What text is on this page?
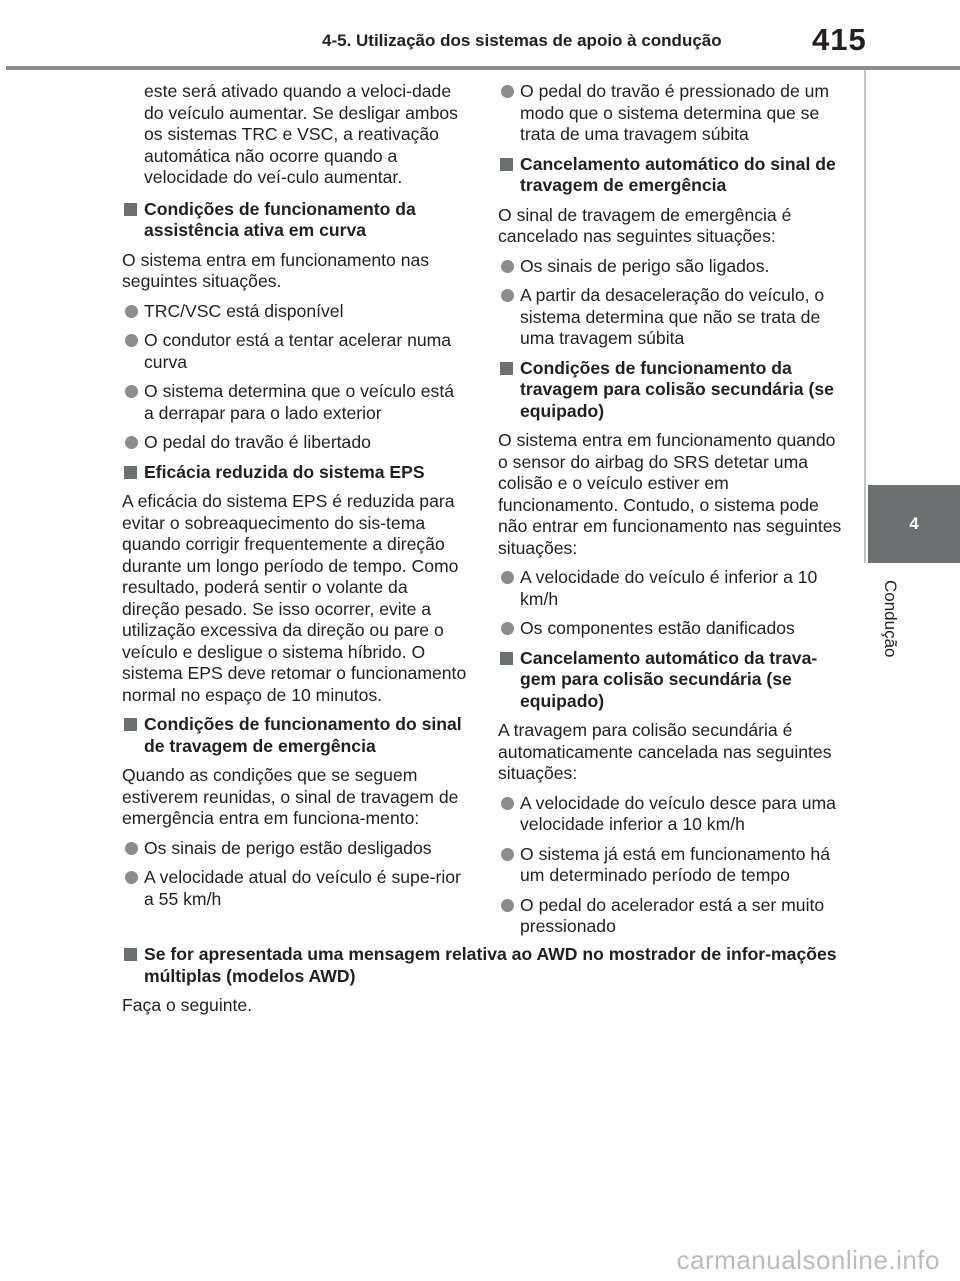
4-5. Utilização dos sistemas de apoio à condução	415
4
Condução

este será ativado quando a veloci-dade do veículo aumentar. Se desligar ambos os sistemas TRC e VSC, a reativação automática não ocorre quando a velocidade do veí-culo aumentar.

Condições de funcionamento da assistência ativa em curva

O sistema entra em funcionamento nas seguintes situações.

TRC/VSC está disponível
O condutor está a tentar acelerar numa curva
O sistema determina que o veículo está a derrapar para o lado exterior
O pedal do travão é libertado
Eficácia reduzida do sistema EPS

A eficácia do sistema EPS é reduzida para evitar o sobreaquecimento do sis-tema quando corrigir frequentemente a direção durante um longo período de tempo. Como resultado, poderá sentir o volante da direção pesado. Se isso ocorrer, evite a utilização excessiva da direção ou pare o veículo e desligue o sistema híbrido. O sistema EPS deve retomar o funcionamento normal no espaço de 10 minutos.

Condições de funcionamento do sinal de travagem de emergência

Quando as condições que se seguem estiverem reunidas, o sinal de travagem de emergência entra em funciona-mento:

Os sinais de perigo estão desligados
A velocidade atual do veículo é supe-rior a 55 km/h
O pedal do travão é pressionado de um modo que o sistema determina que se trata de uma travagem súbita
Cancelamento automático do sinal de travagem de emergência

O sinal de travagem de emergência é cancelado nas seguintes situações:

Os sinais de perigo são ligados.
A partir da desaceleração do veículo, o sistema determina que não se trata de uma travagem súbita
Condições de funcionamento da travagem para colisão secundária (se equipado)

O sistema entra em funcionamento quando o sensor do airbag do SRS detetar uma colisão e o veículo estiver em funcionamento. Contudo, o sistema pode não entrar em funcionamento nas seguintes situações:

A velocidade do veículo é inferior a 10 km/h
Os componentes estão danificados
Cancelamento automático da trava-gem para colisão secundária (se equipado)

A travagem para colisão secundária é automaticamente cancelada nas seguintes situações:

A velocidade do veículo desce para uma velocidade inferior a 10 km/h
O sistema já está em funcionamento há um determinado período de tempo
O pedal do acelerador está a ser muito pressionado
Se for apresentada uma mensagem relativa ao AWD no mostrador de infor-mações múltiplas (modelos AWD)

Faça o seguinte.

carmanualsonline.info
